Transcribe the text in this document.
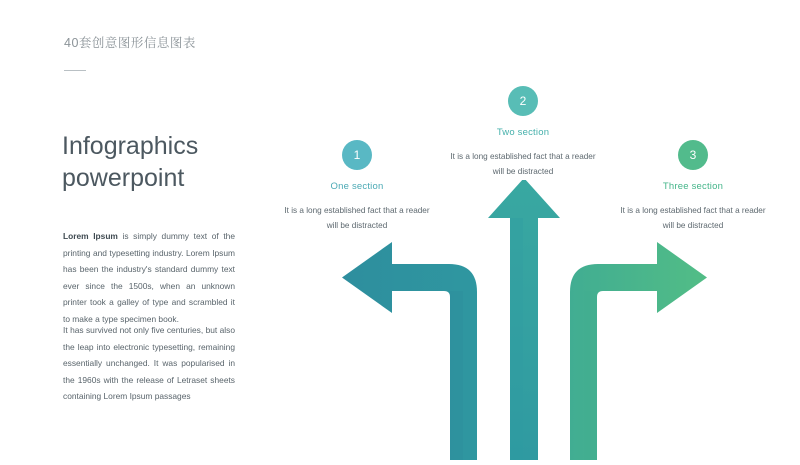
40套创意图形信息图表
Infographics powerpoint
Lorem Ipsum is simply dummy text of the printing and typesetting industry. Lorem Ipsum has been the industry's standard dummy text ever since the 1500s, when an unknown printer took a galley of type and scrambled it to make a type specimen book.
It has survived not only five centuries, but also the leap into electronic typesetting, remaining essentially unchanged. It was popularised in the 1960s with the release of Letraset sheets containing Lorem Ipsum passages
1
One section
It is a long established fact that a reader will be distracted
2
Two section
It is a long established fact that a reader will be distracted
3
Three section
It is a long established fact that a reader will be distracted
